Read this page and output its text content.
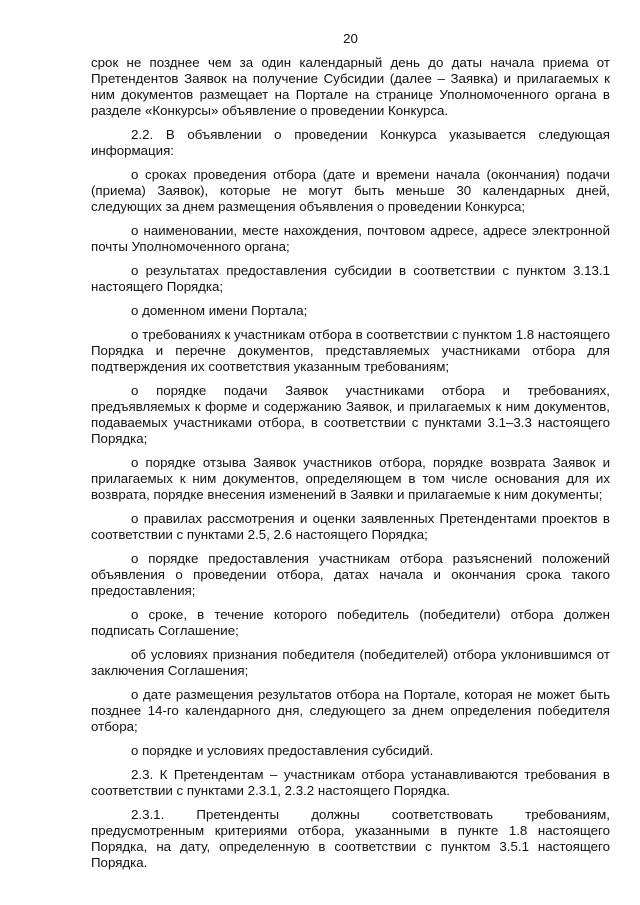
20

срок не позднее чем за один календарный день до даты начала приема от Претендентов Заявок на получение Субсидии (далее – Заявка) и прилагаемых к ним документов размещает на Портале на странице Уполномоченного органа в разделе «Конкурсы» объявление о проведении Конкурса.

2.2. В объявлении о проведении Конкурса указывается следующая информация:

о сроках проведения отбора (дате и времени начала (окончания) подачи (приема) Заявок), которые не могут быть меньше 30 календарных дней, следующих за днем размещения объявления о проведении Конкурса;

о наименовании, месте нахождения, почтовом адресе, адресе электронной почты Уполномоченного органа;

о результатах предоставления субсидии в соответствии с пунктом 3.13.1 настоящего Порядка;

о доменном имени Портала;

о требованиях к участникам отбора в соответствии с пунктом 1.8 настоящего Порядка и перечне документов, представляемых участниками отбора для подтверждения их соответствия указанным требованиям;

о порядке подачи Заявок участниками отбора и требованиях, предъявляемых к форме и содержанию Заявок, и прилагаемых к ним документов, подаваемых участниками отбора, в соответствии с пунктами 3.1–3.3 настоящего Порядка;

о порядке отзыва Заявок участников отбора, порядке возврата Заявок и прилагаемых к ним документов, определяющем в том числе основания для их возврата, порядке внесения изменений в Заявки и прилагаемые к ним документы;

о правилах рассмотрения и оценки заявленных Претендентами проектов в соответствии с пунктами 2.5, 2.6 настоящего Порядка;

о порядке предоставления участникам отбора разъяснений положений объявления о проведении отбора, датах начала и окончания срока такого предоставления;

о сроке, в течение которого победитель (победители) отбора должен подписать Соглашение;

об условиях признания победителя (победителей) отбора уклонившимся от заключения Соглашения;

о дате размещения результатов отбора на Портале, которая не может быть позднее 14-го календарного дня, следующего за днем определения победителя отбора;

о порядке и условиях предоставления субсидий.

2.3. К Претендентам – участникам отбора устанавливаются требования в соответствии с пунктами 2.3.1, 2.3.2 настоящего Порядка.

2.3.1. Претенденты должны соответствовать требованиям, предусмотренным критериями отбора, указанными в пункте 1.8 настоящего Порядка, на дату, определенную в соответствии с пунктом 3.5.1 настоящего Порядка.
